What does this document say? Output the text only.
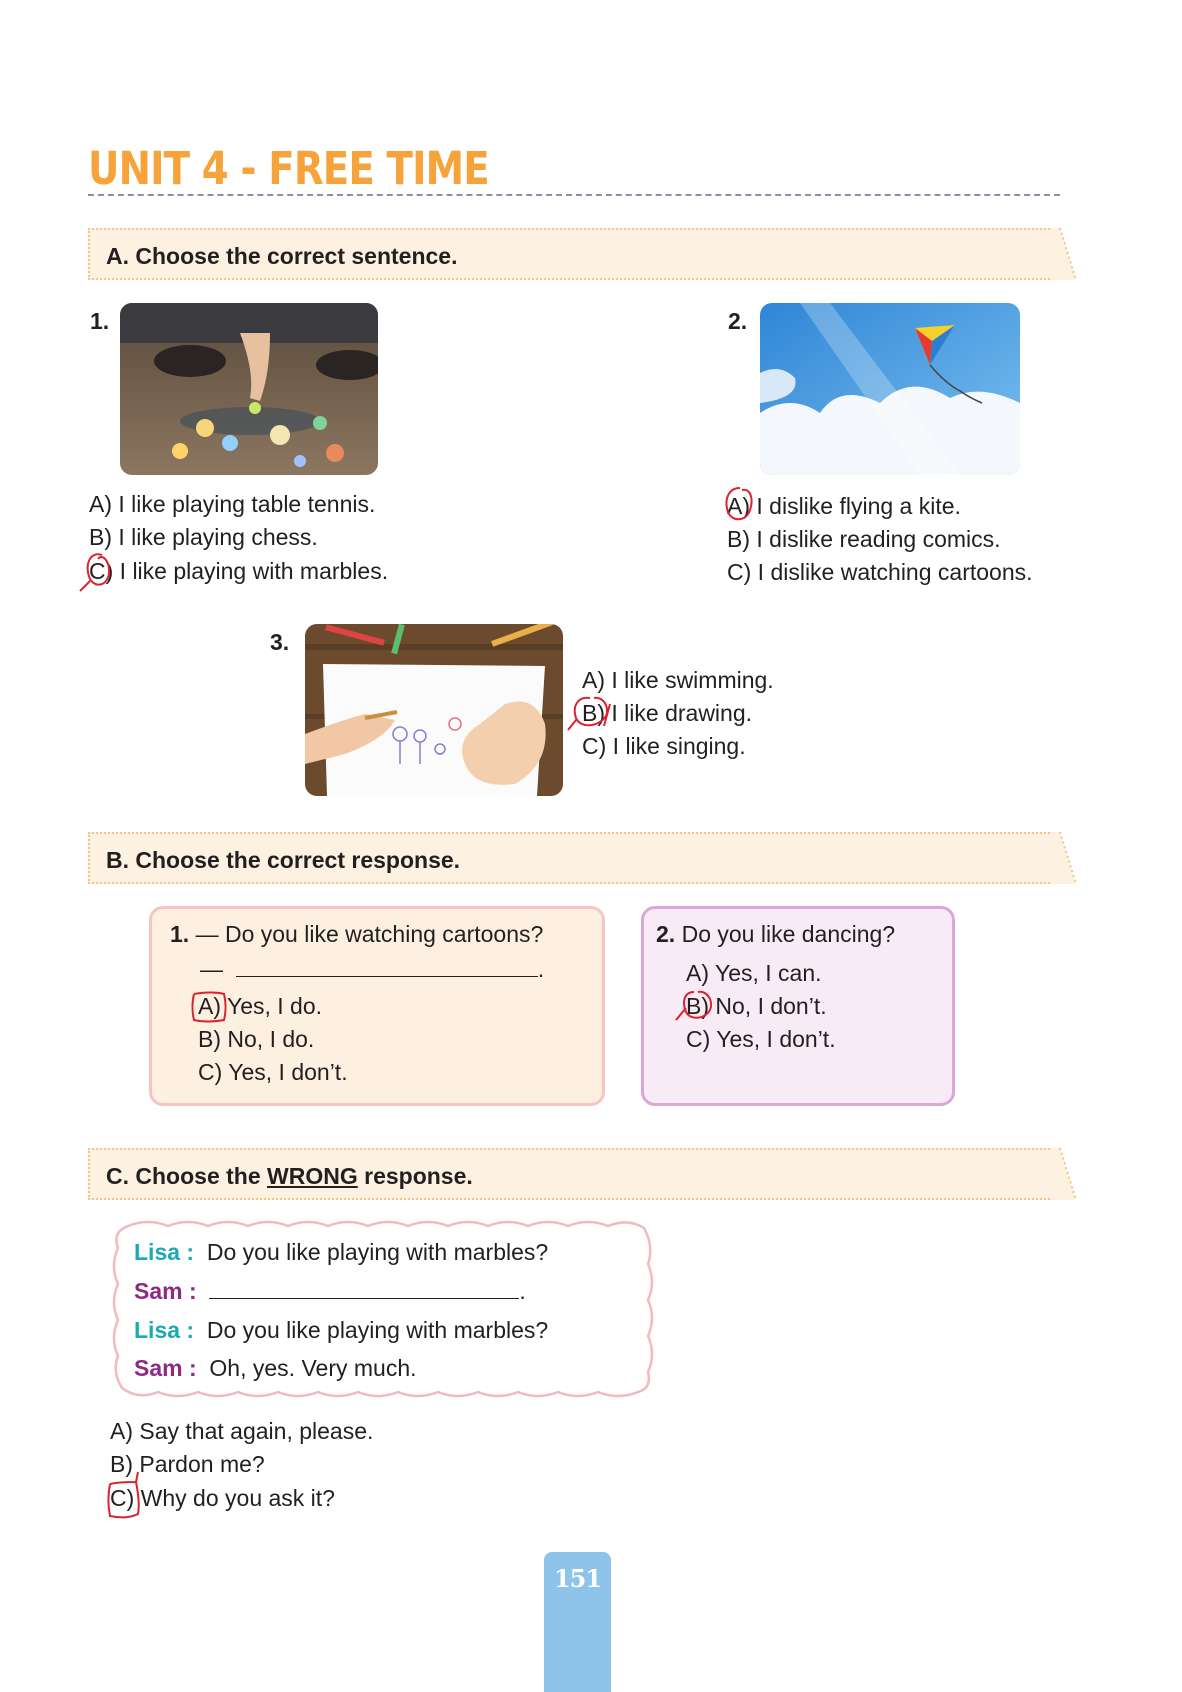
UNIT 4 - FREE TIME
A. Choose the correct sentence.
1.
A) I like playing table tennis.
B) I like playing chess.
C) I like playing with marbles.
2.
A) I dislike flying a kite.
B) I dislike reading comics.
C) I dislike watching cartoons.
3.
A) I like swimming.
B) I like drawing.
C) I like singing.
B. Choose the correct response.
1. — Do you like watching cartoons?
—	.
A) Yes, I do.
B) No, I do.
C) Yes, I don’t.
2. Do you like dancing?
A) Yes, I can.
B) No, I don’t.
C) Yes, I don’t.
C. Choose the WRONG response.
Lisa : Do you like playing with marbles?
Sam :	.
Lisa : Do you like playing with marbles?
Sam : Oh, yes. Very much.
A) Say that again, please.
B) Pardon me?
C) Why do you ask it?
151
